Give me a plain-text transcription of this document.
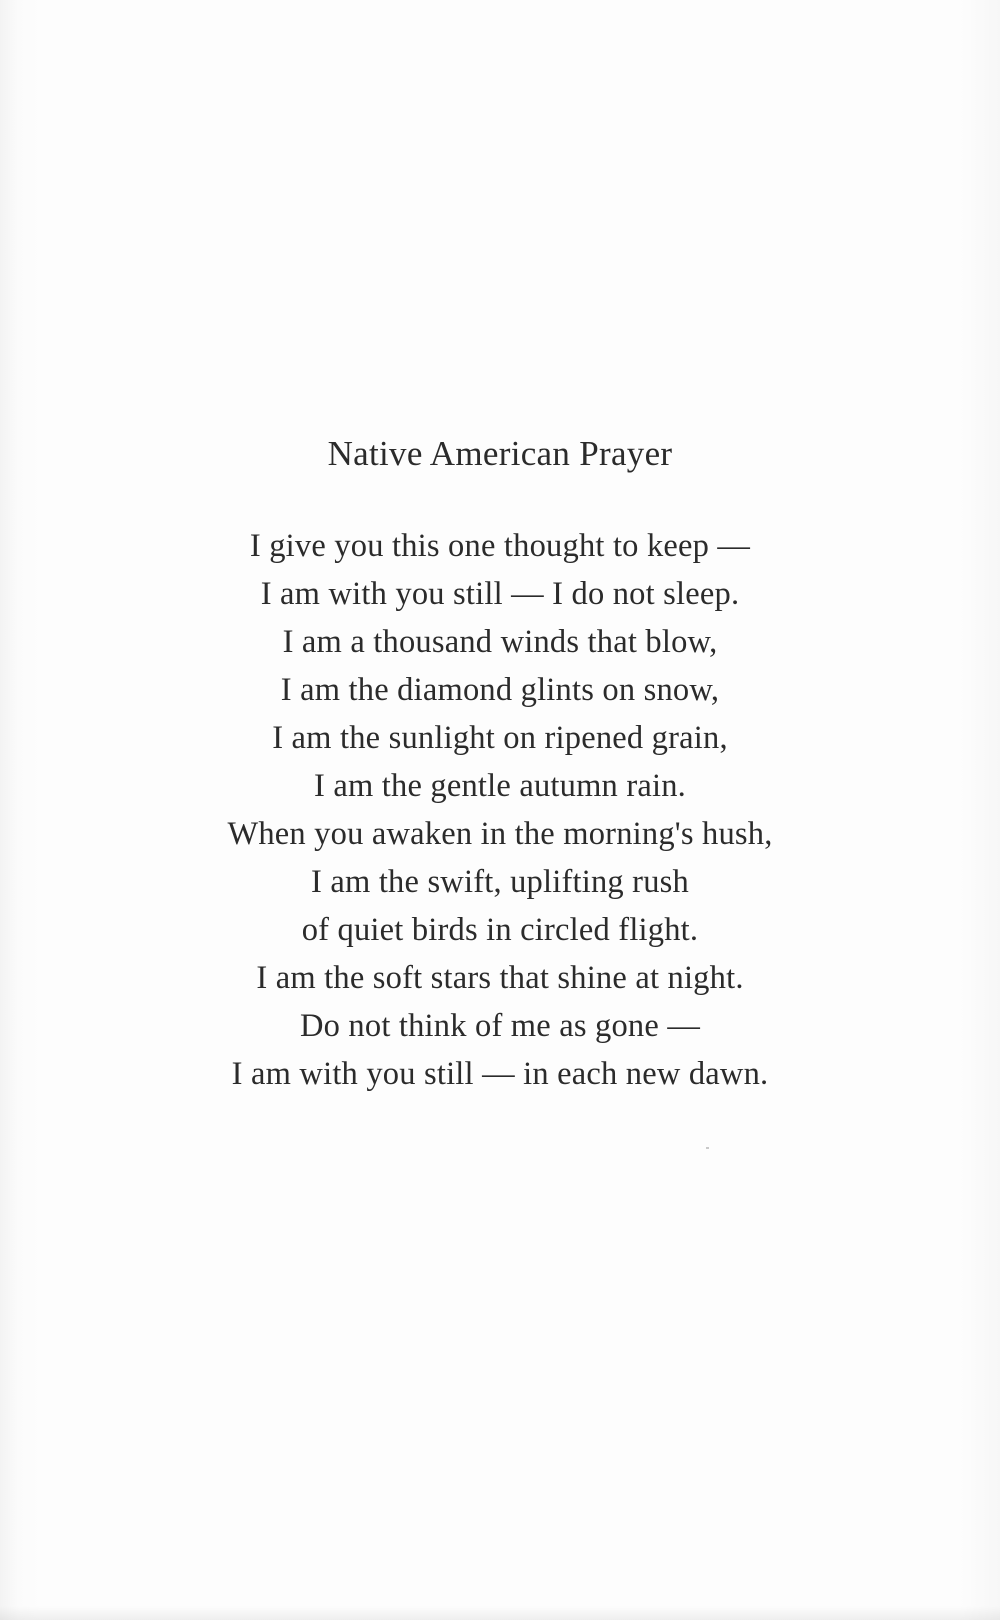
Native American Prayer
I give you this one thought to keep —
I am with you still — I do not sleep.
I am a thousand winds that blow,
I am the diamond glints on snow,
I am the sunlight on ripened grain,
I am the gentle autumn rain.
When you awaken in the morning's hush,
I am the swift, uplifting rush
of quiet birds in circled flight.
I am the soft stars that shine at night.
Do not think of me as gone —
I am with you still — in each new dawn.
